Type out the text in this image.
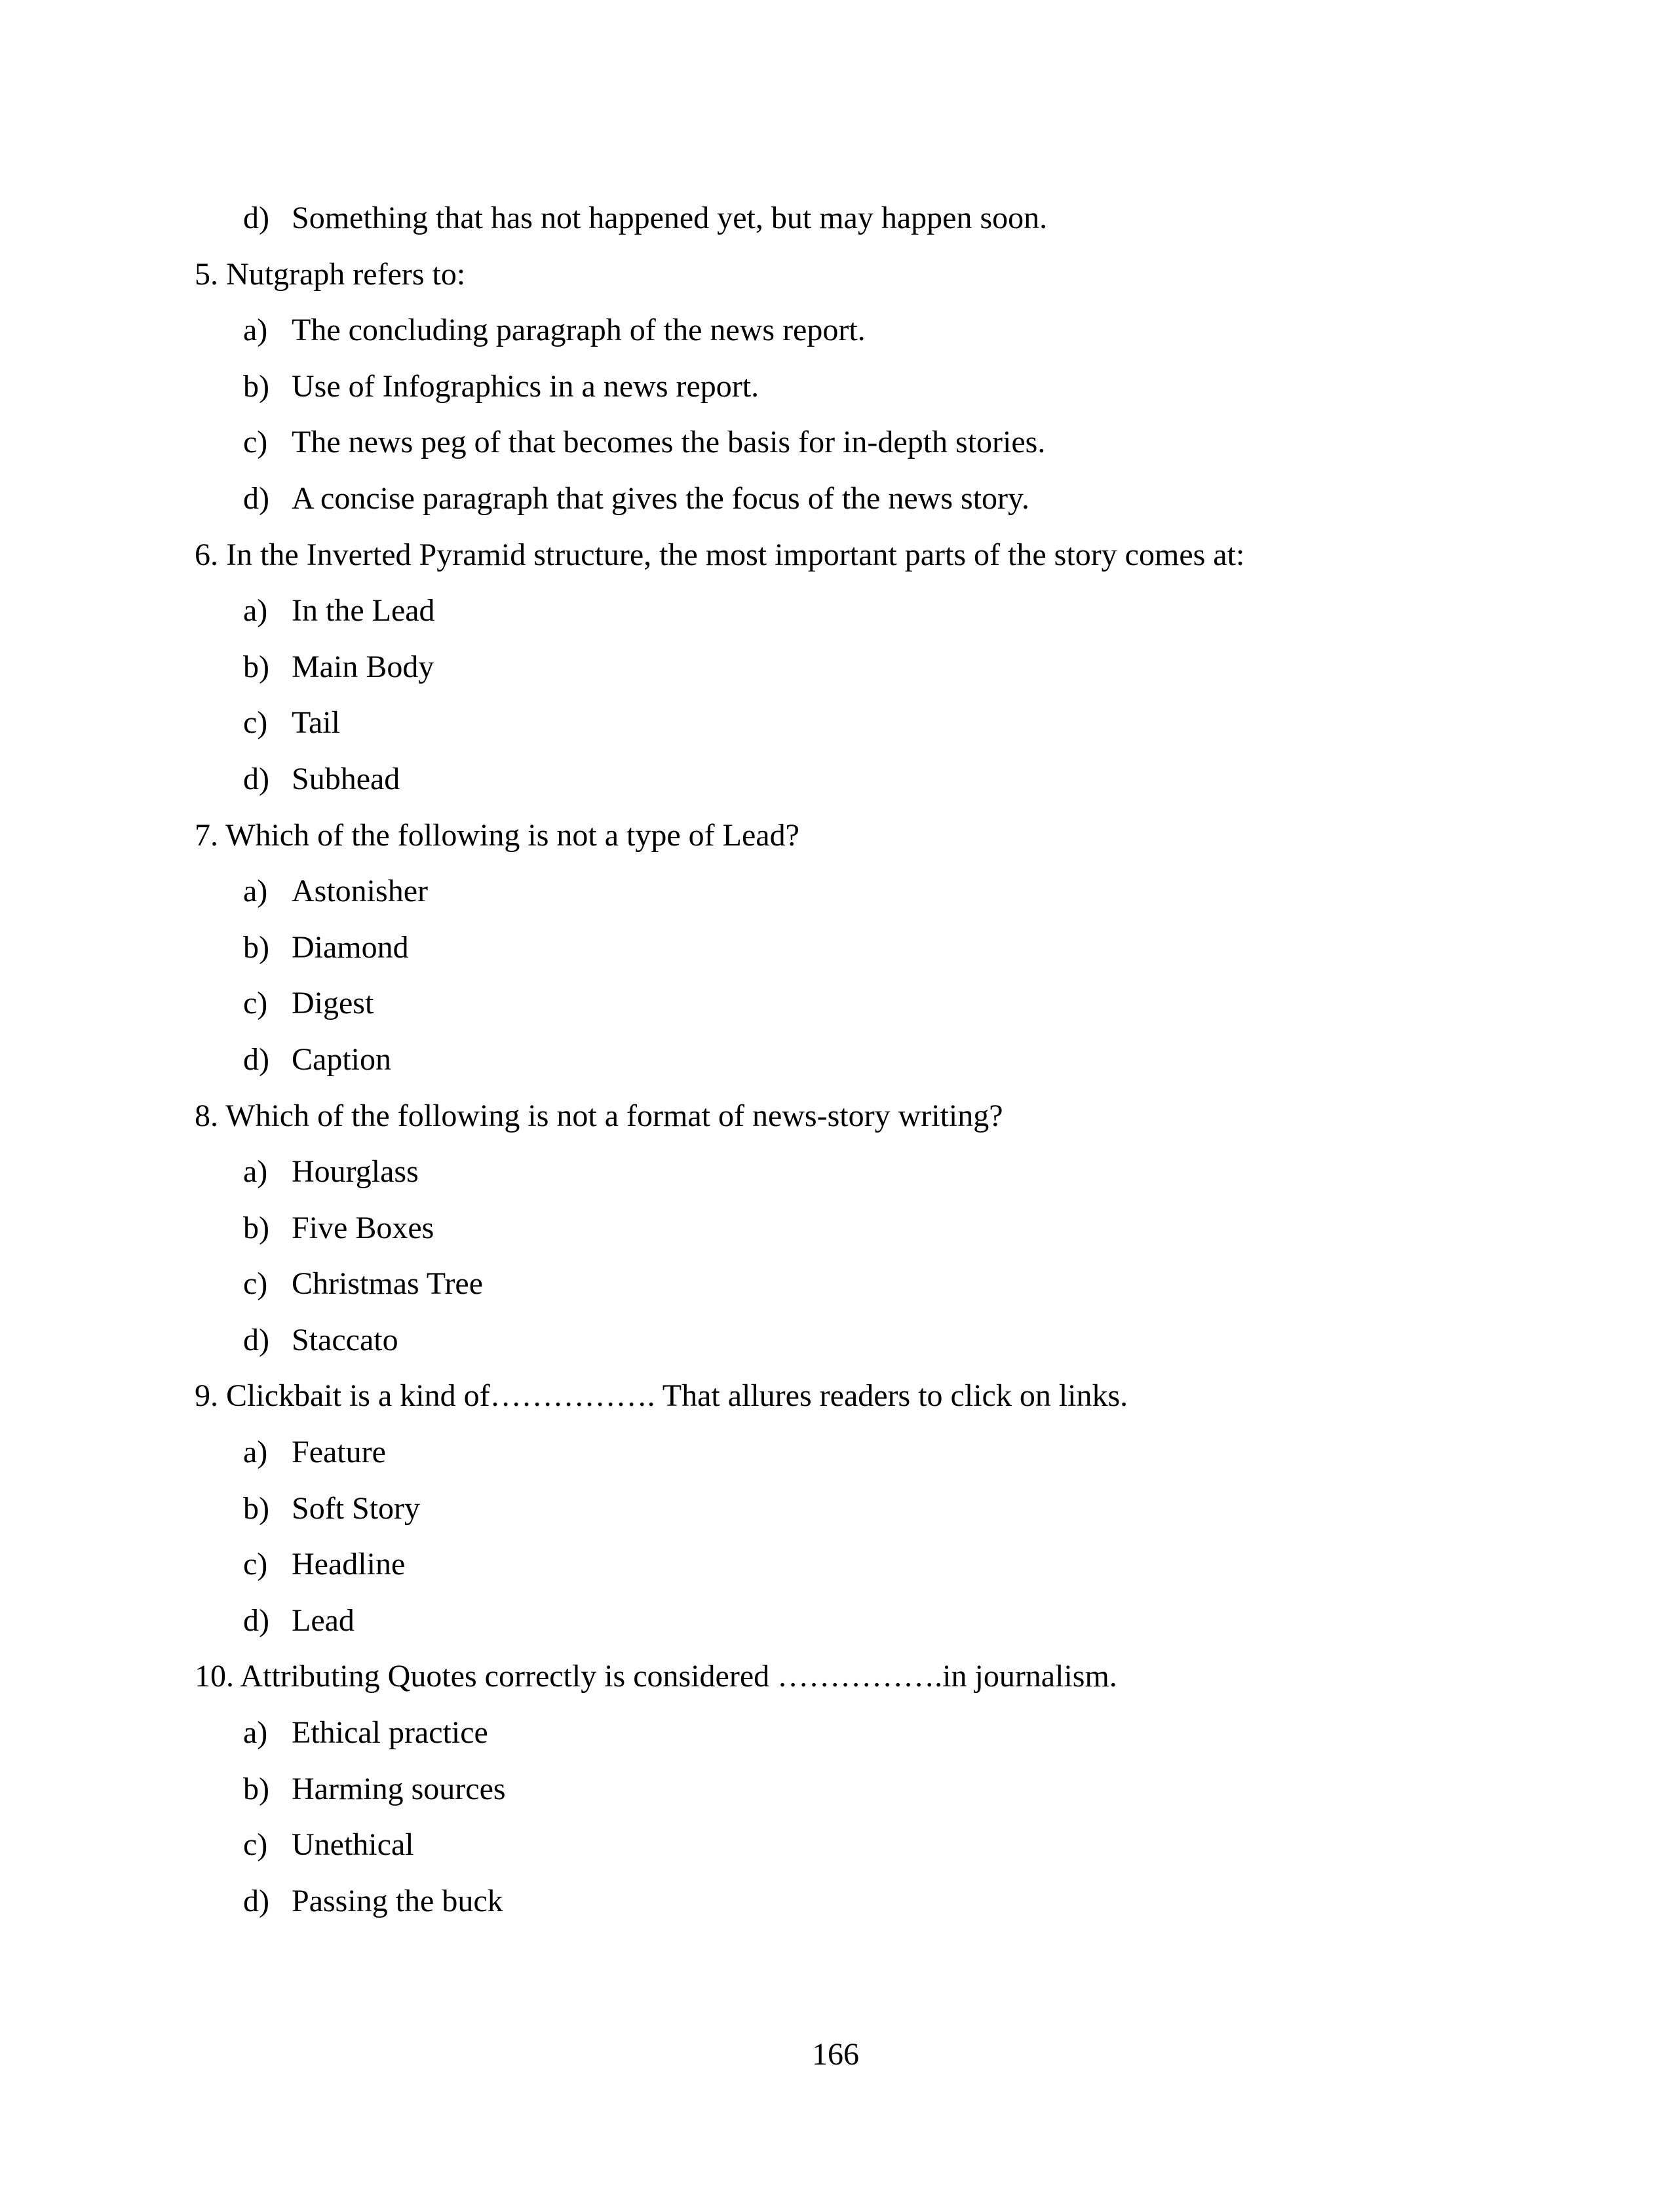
d) Something that has not happened yet, but may happen soon.
5. Nutgraph refers to:
a) The concluding paragraph of the news report.
b) Use of Infographics in a news report.
c) The news peg of that becomes the basis for in-depth stories.
d) A concise paragraph that gives the focus of the news story.
6. In the Inverted Pyramid structure, the most important parts of the story comes at:
a) In the Lead
b) Main Body
c) Tail
d) Subhead
7. Which of the following is not a type of Lead?
a) Astonisher
b) Diamond
c) Digest
d) Caption
8. Which of the following is not a format of news-story writing?
a) Hourglass
b) Five Boxes
c) Christmas Tree
d) Staccato
9. Clickbait is a kind of……………. That allures readers to click on links.
a) Feature
b) Soft Story
c) Headline
d) Lead
10. Attributing Quotes correctly is considered …………….in journalism.
a) Ethical practice
b) Harming sources
c) Unethical
d) Passing the buck
166
